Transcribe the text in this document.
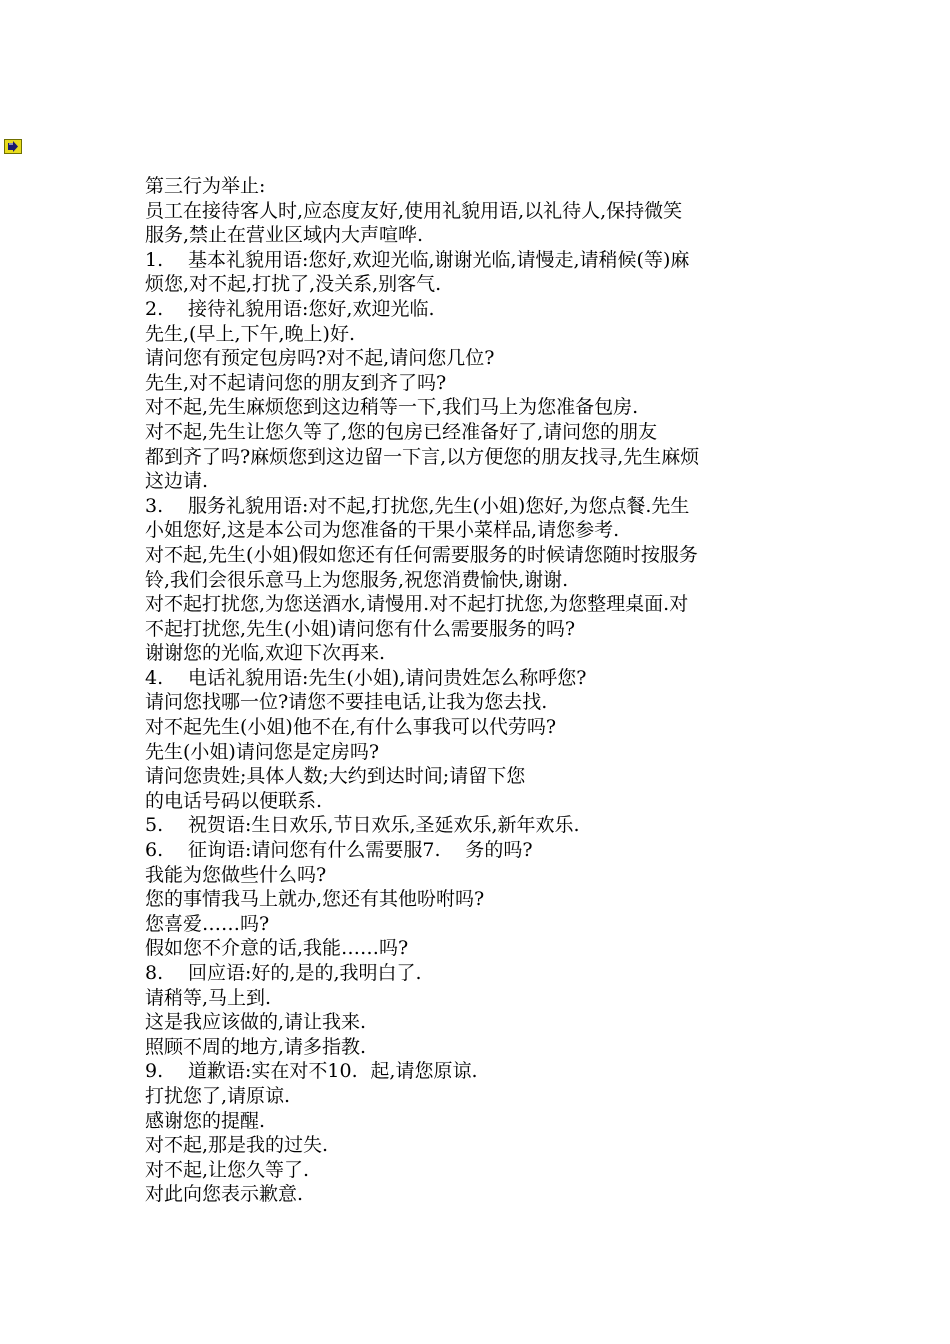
第三行为举止:
员工在接待客人时,应态度友好,使用礼貌用语,以礼待人,保持微笑
服务,禁止在营业区域内大声喧哗.
1. 基本礼貌用语:您好,欢迎光临,谢谢光临,请慢走,请稍候(等)麻
烦您,对不起,打扰了,没关系,别客气.
2. 接待礼貌用语:您好,欢迎光临.
先生,(早上,下午,晚上)好.
请问您有预定包房吗?对不起,请问您几位?
先生,对不起请问您的朋友到齐了吗?
对不起,先生麻烦您到这边稍等一下,我们马上为您准备包房.
对不起,先生让您久等了,您的包房已经准备好了,请问您的朋友
都到齐了吗?麻烦您到这边留一下言,以方便您的朋友找寻,先生麻烦
这边请.
3. 服务礼貌用语:对不起,打扰您,先生(小姐)您好,为您点餐.先生
小姐您好,这是本公司为您准备的干果小菜样品,请您参考.
对不起,先生(小姐)假如您还有任何需要服务的时候请您随时按服务
铃,我们会很乐意马上为您服务,祝您消费愉快,谢谢.
对不起打扰您,为您送酒水,请慢用.对不起打扰您,为您整理桌面.对
不起打扰您,先生(小姐)请问您有什么需要服务的吗?
谢谢您的光临,欢迎下次再来.
4. 电话礼貌用语:先生(小姐),请问贵姓怎么称呼您?
请问您找哪一位?请您不要挂电话,让我为您去找.
对不起先生(小姐)他不在,有什么事我可以代劳吗?
先生(小姐)请问您是定房吗?
请问您贵姓;具体人数;大约到达时间;请留下您
的电话号码以便联系.
5. 祝贺语:生日欢乐,节日欢乐,圣延欢乐,新年欢乐.
6. 征询语:请问您有什么需要服7. 务的吗?
我能为您做些什么吗?
您的事情我马上就办,您还有其他吩咐吗?
您喜爱……吗?
假如您不介意的话,我能……吗?
8. 回应语:好的,是的,我明白了.
请稍等,马上到.
这是我应该做的,请让我来.
照顾不周的地方,请多指教.
9. 道歉语:实在对不10. 起,请您原谅.
打扰您了,请原谅.
感谢您的提醒.
对不起,那是我的过失.
对不起,让您久等了.
对此向您表示歉意.
